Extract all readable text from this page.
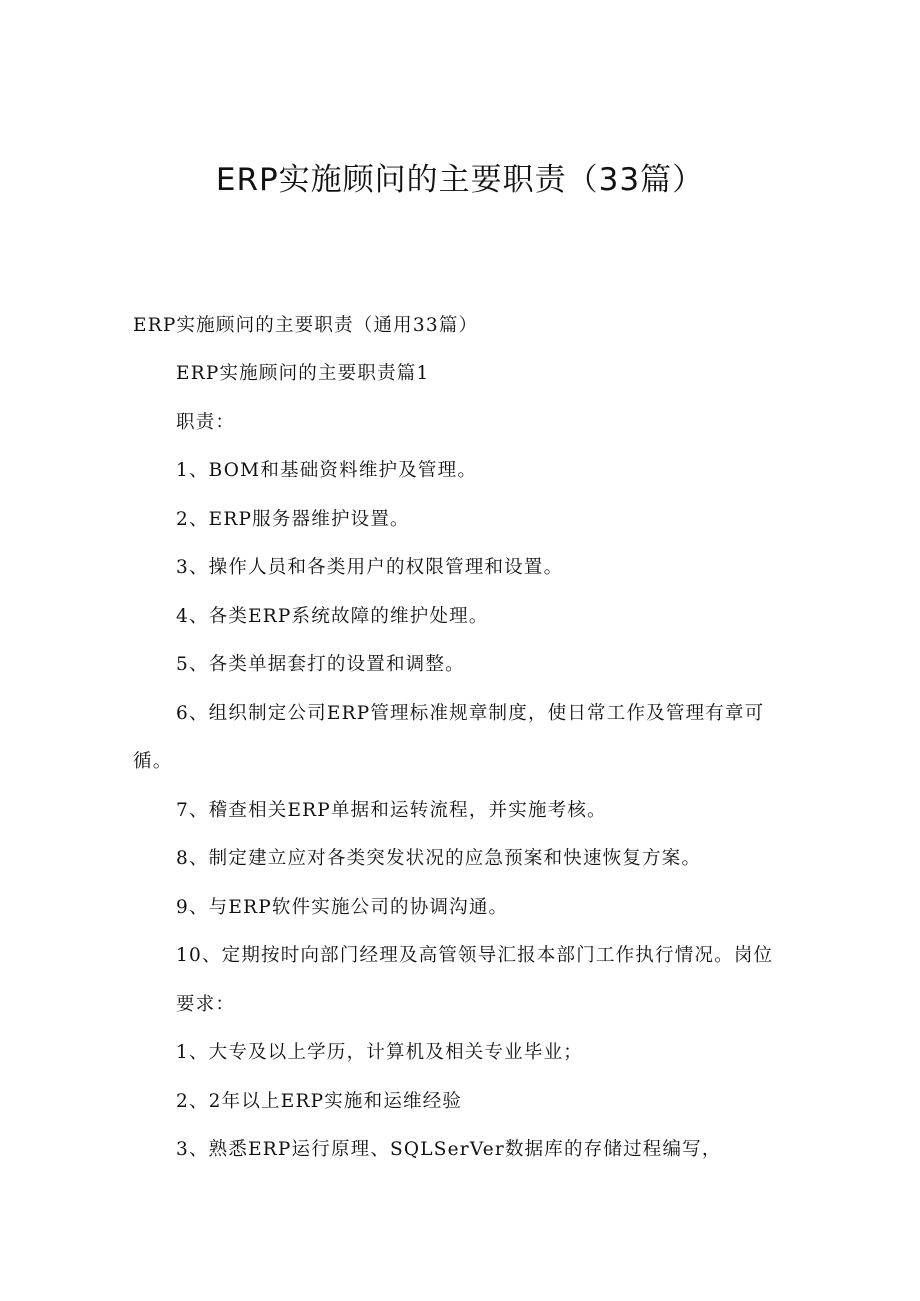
ERP实施顾问的主要职责（33篇）
ERP实施顾问的主要职责（通用33篇）
ERP实施顾问的主要职责篇1
职责：
1、BOM和基础资料维护及管理。
2、ERP服务器维护设置。
3、操作人员和各类用户的权限管理和设置。
4、各类ERP系统故障的维护处理。
5、各类单据套打的设置和调整。
6、组织制定公司ERP管理标准规章制度，使日常工作及管理有章可
循。
7、稽查相关ERP单据和运转流程，并实施考核。
8、制定建立应对各类突发状况的应急预案和快速恢复方案。
9、与ERP软件实施公司的协调沟通。
10、定期按时向部门经理及高管领导汇报本部门工作执行情况。岗位
要求：
1、大专及以上学历，计算机及相关专业毕业；
2、2年以上ERP实施和运维经验
3、熟悉ERP运行原理、SQLSerVer数据库的存储过程编写，
